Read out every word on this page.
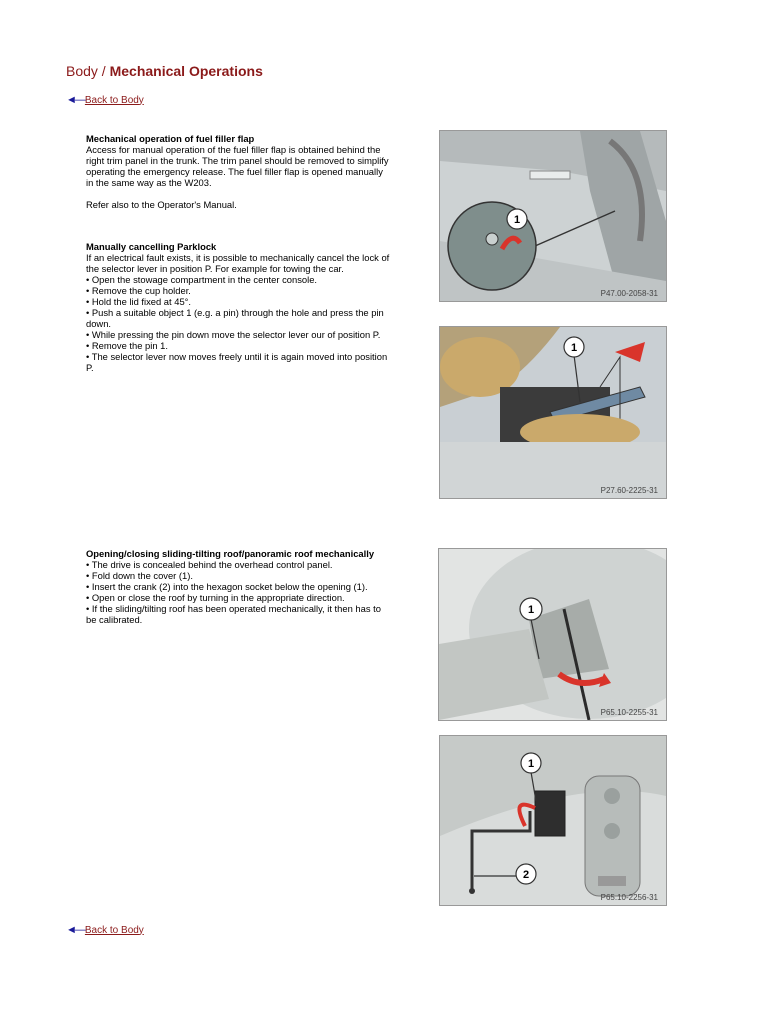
Body / Mechanical Operations
◄— Back to Body
Mechanical operation of fuel filler flap

Access for manual operation of the fuel filler flap is obtained behind the

right trim panel in the trunk. The trim panel should be removed to simplify

operating the emergency release. The fuel filler flap is opened manually

in the same way as the W203.

Refer also to the Operator's Manual.

Manually cancelling Parklock

If an electrical fault exists, it is possible to mechanically cancel the lock of

the selector lever in position P. For example for towing the car.

• Open the stowage compartment in the center console.

• Remove the cup holder.

• Hold the lid fixed at 45°.

• Push a suitable object 1 (e.g. a pin) through the hole and press the pin

down.

• While pressing the pin down move the selector lever our of position P.

• Remove the pin 1.

• The selector lever now moves freely until it is again moved into position

P.

Opening/closing sliding-tilting roof/panoramic roof mechanically

• The drive is concealed behind the overhead control panel.

• Fold down the cover (1).

• Insert the crank (2) into the hexagon socket below the opening (1).

• Open or close the roof by turning in the appropriate direction.

• If the sliding/tilting roof has been operated mechanically, it then has to

be calibrated.

1
P47.00-2058-31
1
P27.60-2225-31
1
P65.10-2255-31
1
2
P65.10-2256-31
◄— Back to Body
